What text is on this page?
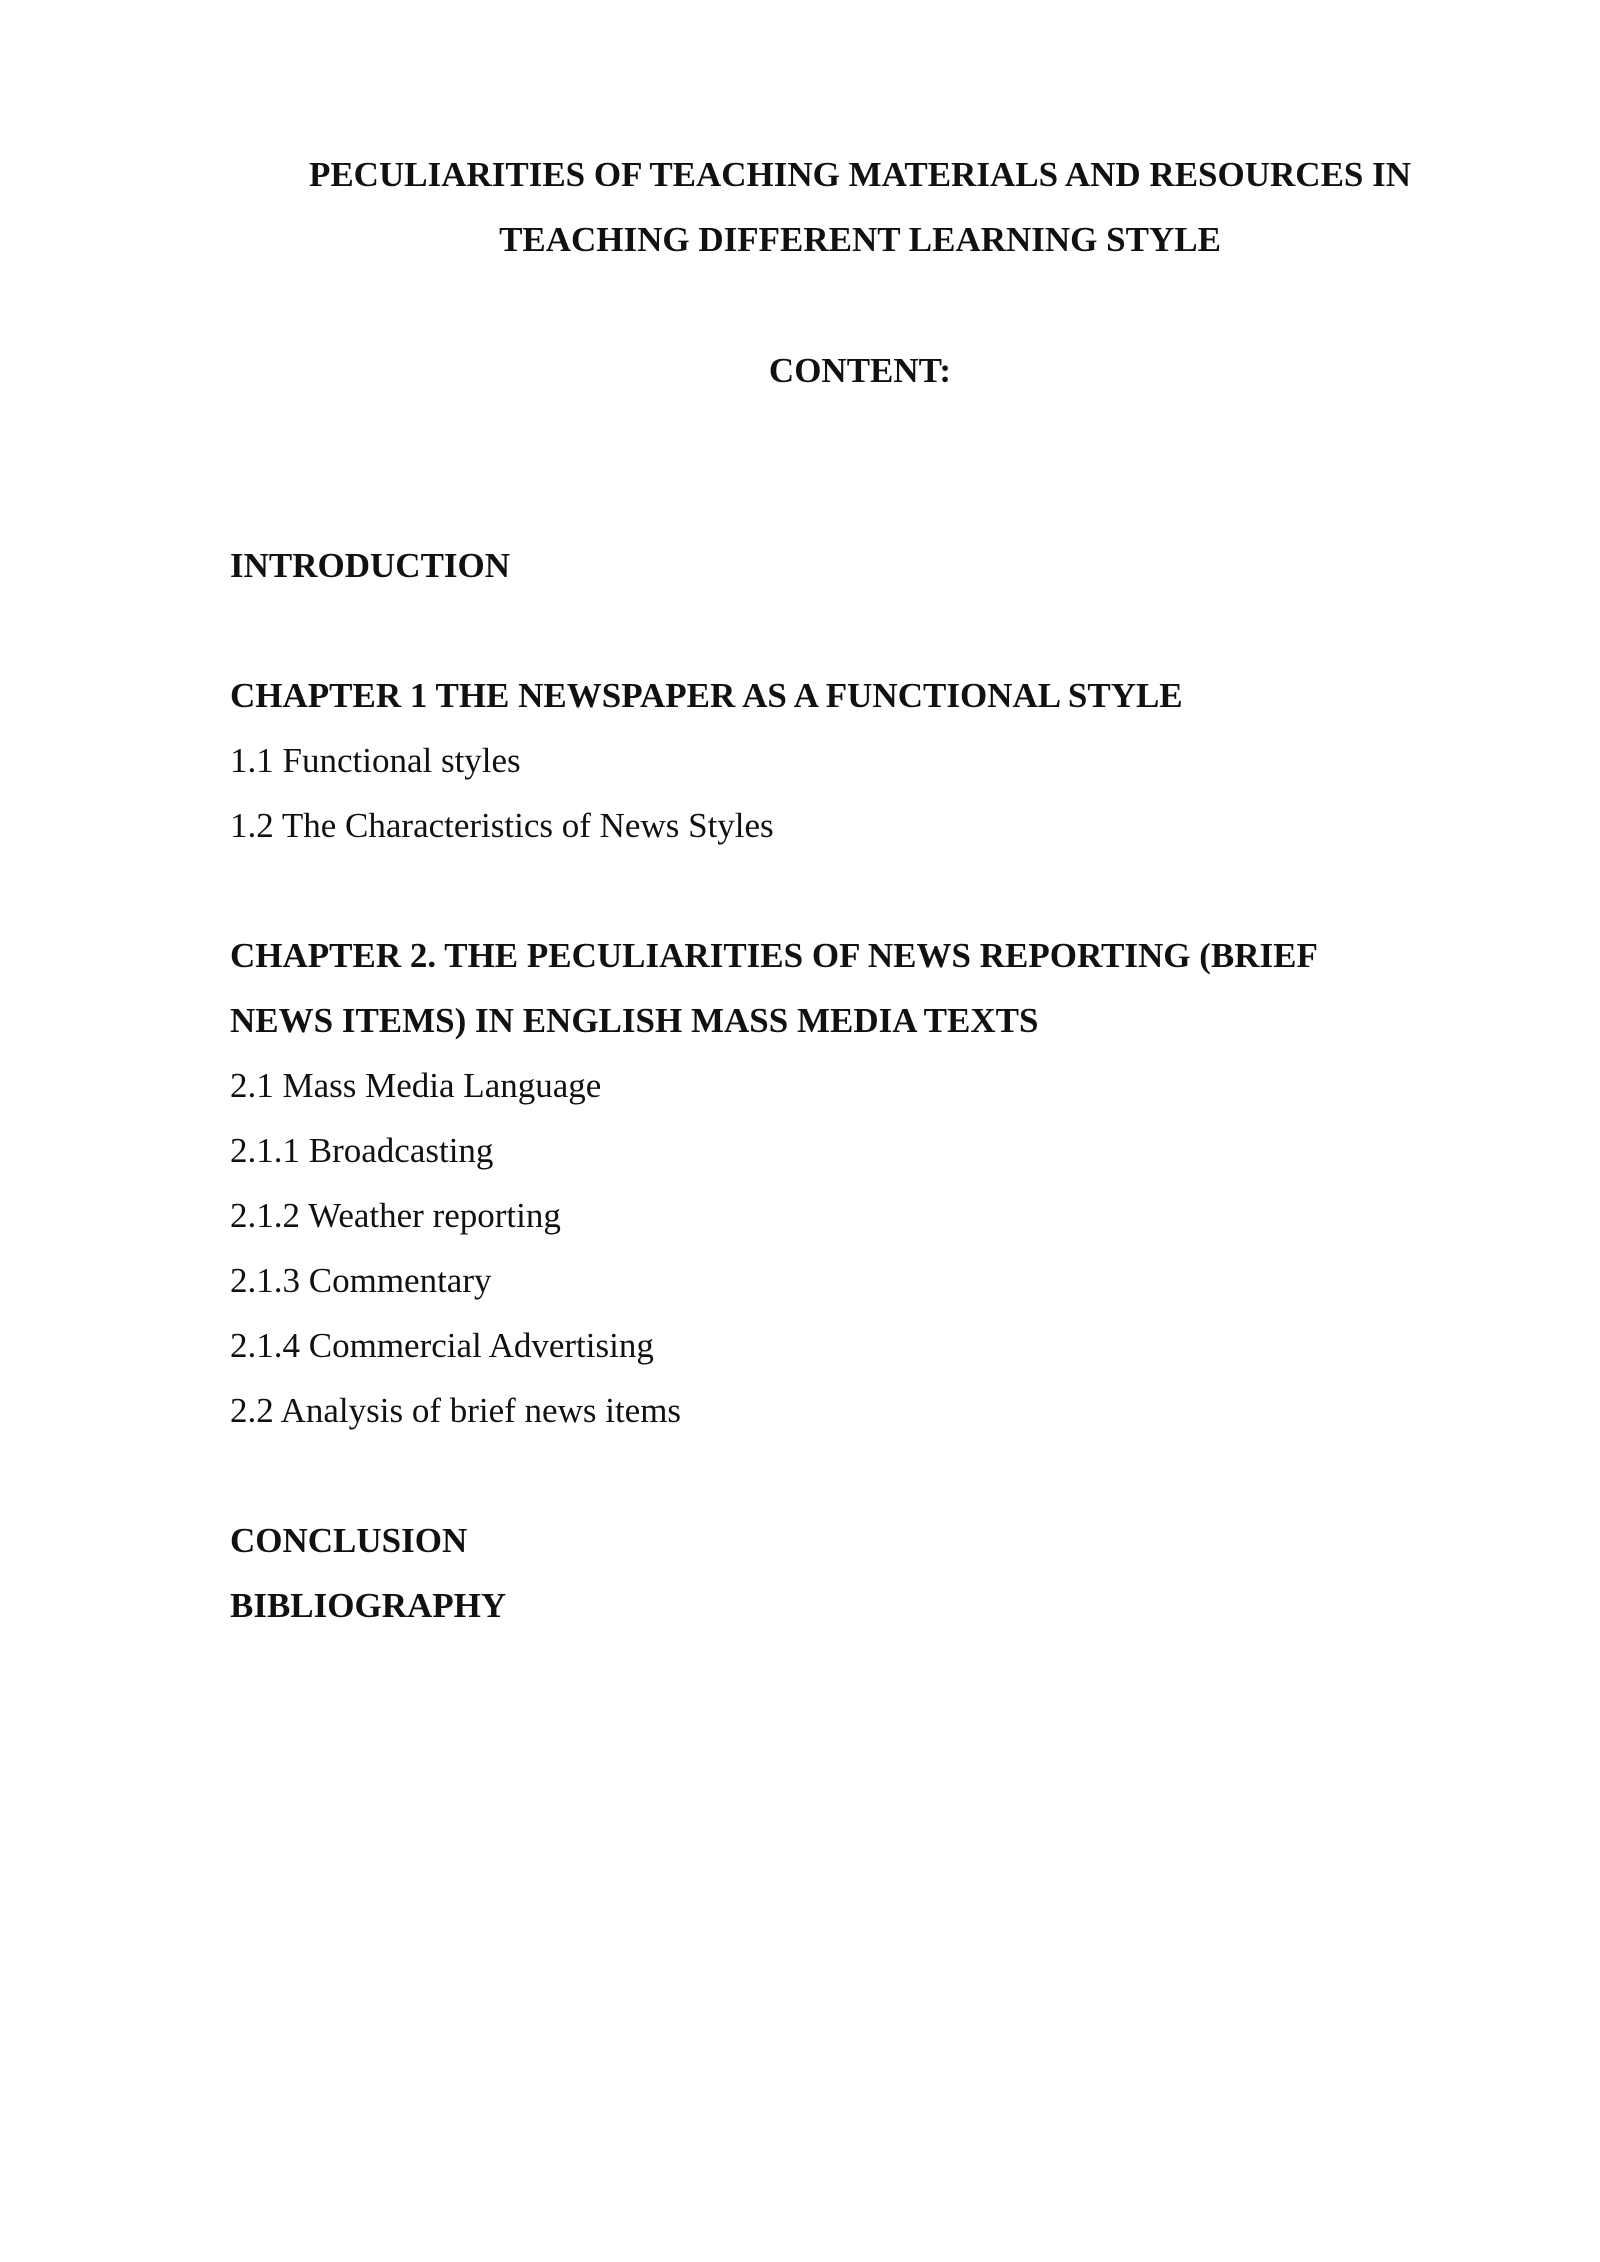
PECULIARITIES OF TEACHING MATERIALS AND RESOURCES IN
TEACHING DIFFERENT LEARNING STYLE
CONTENT:
INTRODUCTION
CHAPTER 1 THE NEWSPAPER AS A FUNCTIONAL STYLE
1.1 Functional styles
1.2 The Characteristics of News Styles
CHAPTER 2. THE PECULIARITIES OF NEWS REPORTING (BRIEF
NEWS ITEMS) IN ENGLISH MASS MEDIA TEXTS
2.1 Mass Media Language
2.1.1 Broadcasting
2.1.2 Weather reporting
2.1.3 Commentary
2.1.4 Commercial Advertising
2.2 Analysis of brief news items
CONCLUSION
BIBLIOGRAPHY
